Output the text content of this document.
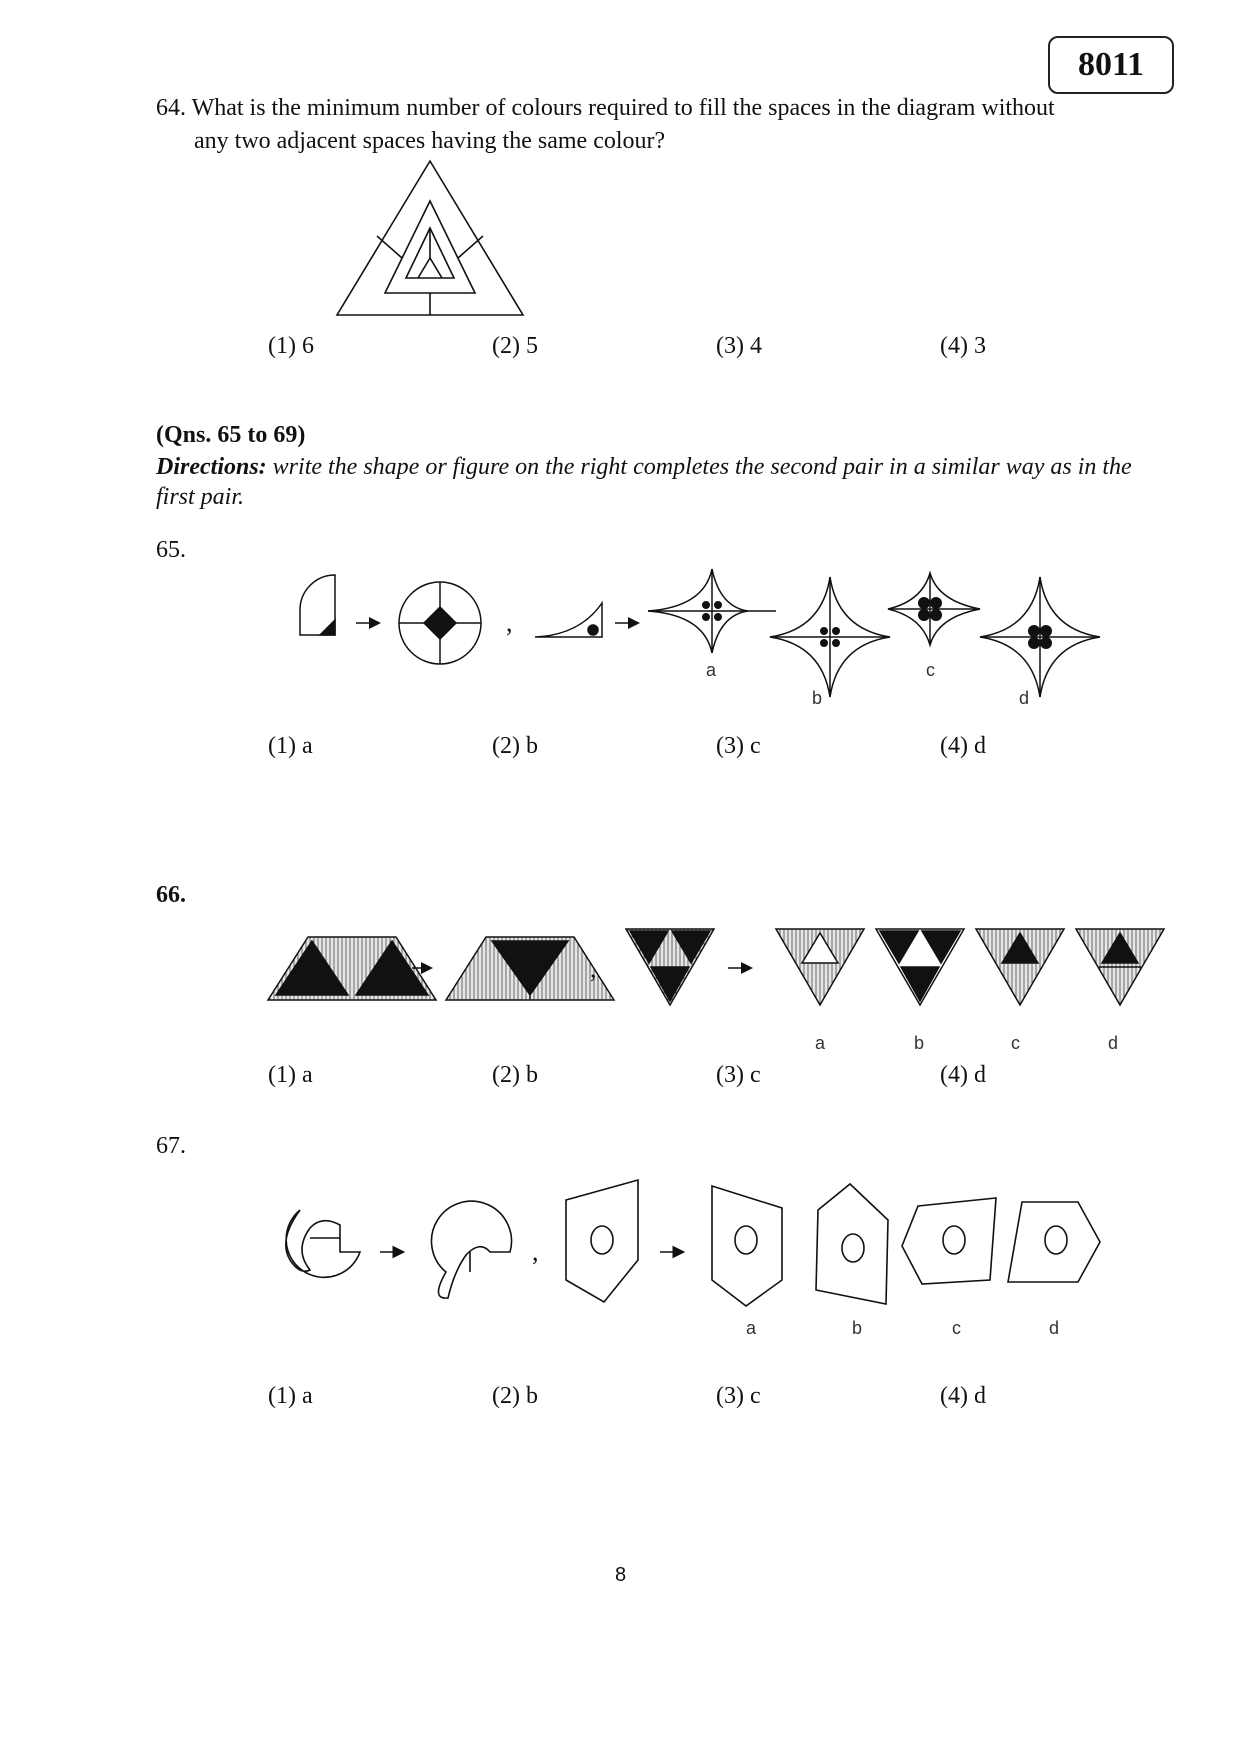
8011
64. What is the minimum number of colours required to fill the spaces in the diagram without
any two adjacent spaces having the same colour?
(1) 6	(2) 5	(3) 4	(4) 3
(Qns. 65 to 69)
Directions: write the shape or figure on the right completes the second pair in a similar way as in the first pair.
65.
,
a
b
c
d
(1) a	(2) b	(3) c	(4) d
66.
.
,
a	b	c	d
(1) a	(2) b	(3) c	(4) d
67.
,
a	b	c	d
(1) a	(2) b	(3) c	(4) d
8
